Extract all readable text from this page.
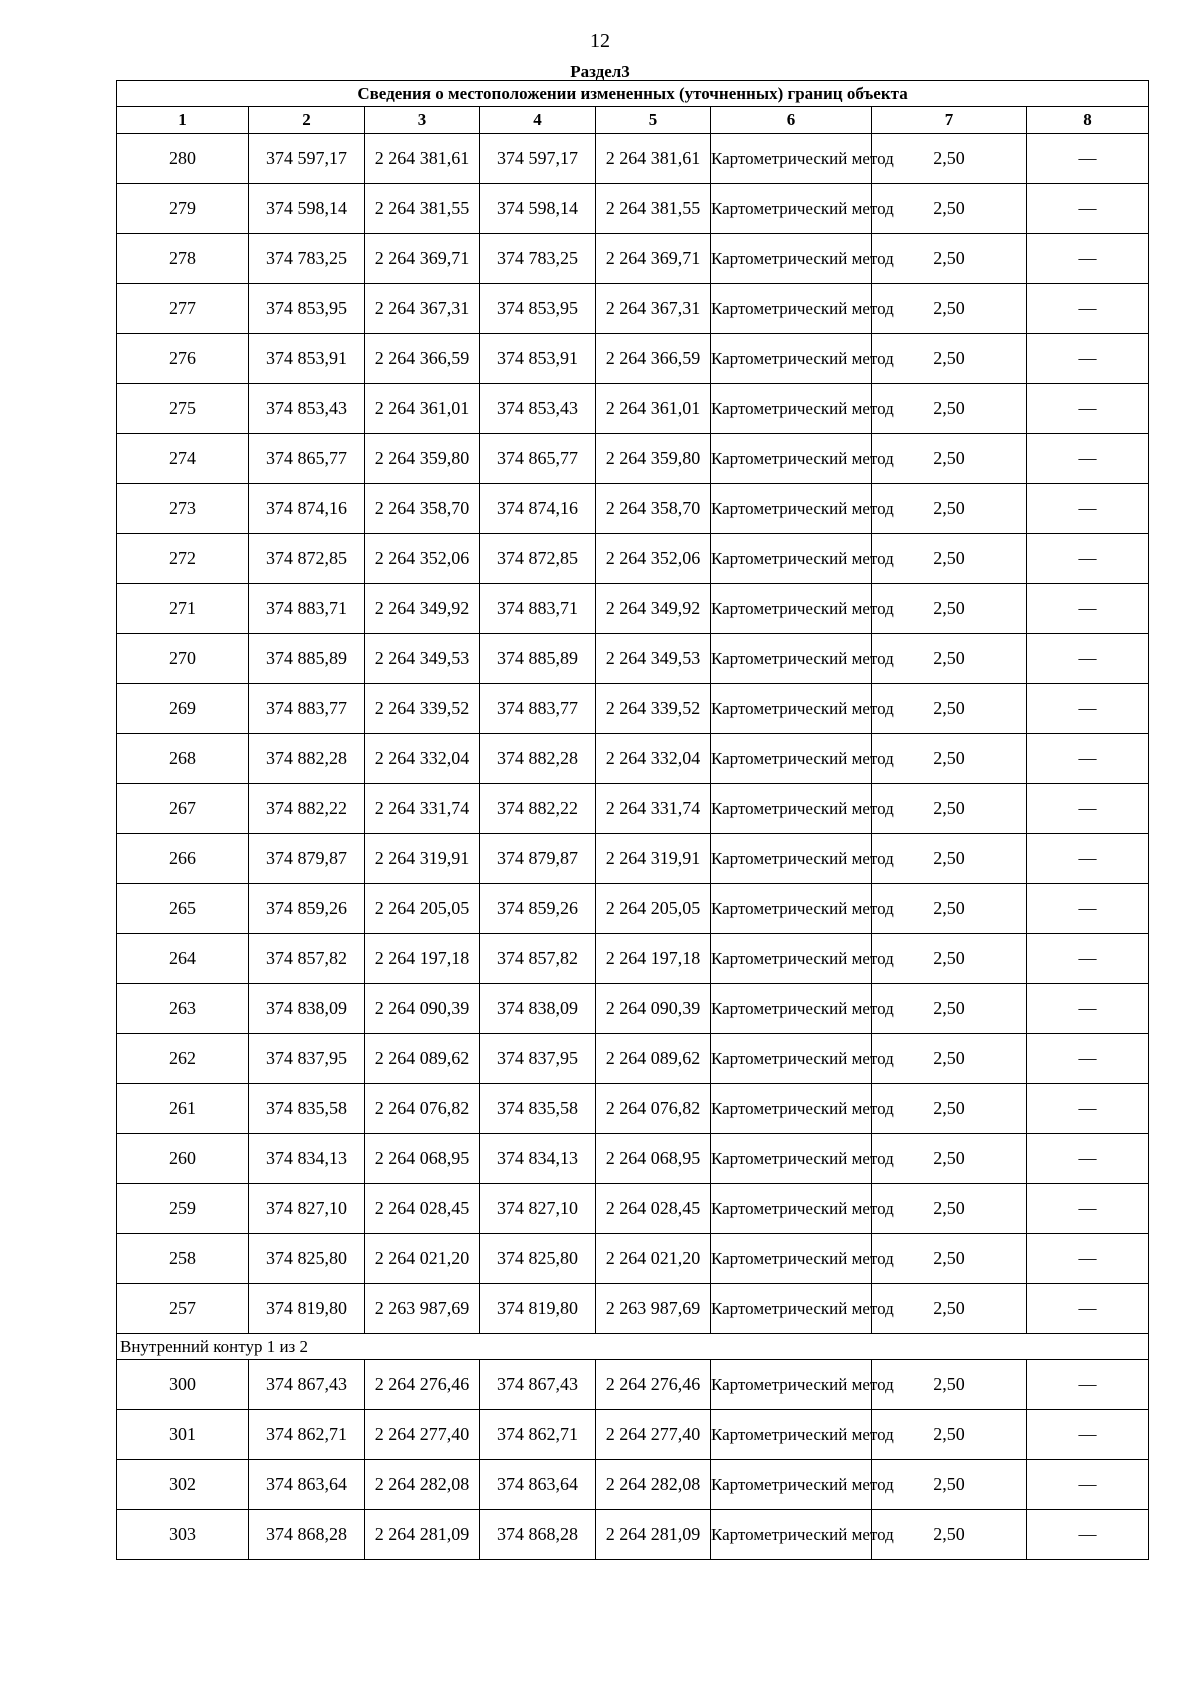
12
Раздел3
Сведения о местоположении измененных (уточненных) границ объекта							
1	2	3	4	5	6	7	8
280	374 597,17	2 264 381,61	374 597,17	2 264 381,61	Картометрический метод	2,50	—
279	374 598,14	2 264 381,55	374 598,14	2 264 381,55	Картометрический метод	2,50	—
278	374 783,25	2 264 369,71	374 783,25	2 264 369,71	Картометрический метод	2,50	—
277	374 853,95	2 264 367,31	374 853,95	2 264 367,31	Картометрический метод	2,50	—
276	374 853,91	2 264 366,59	374 853,91	2 264 366,59	Картометрический метод	2,50	—
275	374 853,43	2 264 361,01	374 853,43	2 264 361,01	Картометрический метод	2,50	—
274	374 865,77	2 264 359,80	374 865,77	2 264 359,80	Картометрический метод	2,50	—
273	374 874,16	2 264 358,70	374 874,16	2 264 358,70	Картометрический метод	2,50	—
272	374 872,85	2 264 352,06	374 872,85	2 264 352,06	Картометрический метод	2,50	—
271	374 883,71	2 264 349,92	374 883,71	2 264 349,92	Картометрический метод	2,50	—
270	374 885,89	2 264 349,53	374 885,89	2 264 349,53	Картометрический метод	2,50	—
269	374 883,77	2 264 339,52	374 883,77	2 264 339,52	Картометрический метод	2,50	—
268	374 882,28	2 264 332,04	374 882,28	2 264 332,04	Картометрический метод	2,50	—
267	374 882,22	2 264 331,74	374 882,22	2 264 331,74	Картометрический метод	2,50	—
266	374 879,87	2 264 319,91	374 879,87	2 264 319,91	Картометрический метод	2,50	—
265	374 859,26	2 264 205,05	374 859,26	2 264 205,05	Картометрический метод	2,50	—
264	374 857,82	2 264 197,18	374 857,82	2 264 197,18	Картометрический метод	2,50	—
263	374 838,09	2 264 090,39	374 838,09	2 264 090,39	Картометрический метод	2,50	—
262	374 837,95	2 264 089,62	374 837,95	2 264 089,62	Картометрический метод	2,50	—
261	374 835,58	2 264 076,82	374 835,58	2 264 076,82	Картометрический метод	2,50	—
260	374 834,13	2 264 068,95	374 834,13	2 264 068,95	Картометрический метод	2,50	—
259	374 827,10	2 264 028,45	374 827,10	2 264 028,45	Картометрический метод	2,50	—
258	374 825,80	2 264 021,20	374 825,80	2 264 021,20	Картометрический метод	2,50	—
257	374 819,80	2 263 987,69	374 819,80	2 263 987,69	Картометрический метод	2,50	—
Внутренний контур 1 из 2							
300	374 867,43	2 264 276,46	374 867,43	2 264 276,46	Картометрический метод	2,50	—
301	374 862,71	2 264 277,40	374 862,71	2 264 277,40	Картометрический метод	2,50	—
302	374 863,64	2 264 282,08	374 863,64	2 264 282,08	Картометрический метод	2,50	—
303	374 868,28	2 264 281,09	374 868,28	2 264 281,09	Картометрический метод	2,50	—
